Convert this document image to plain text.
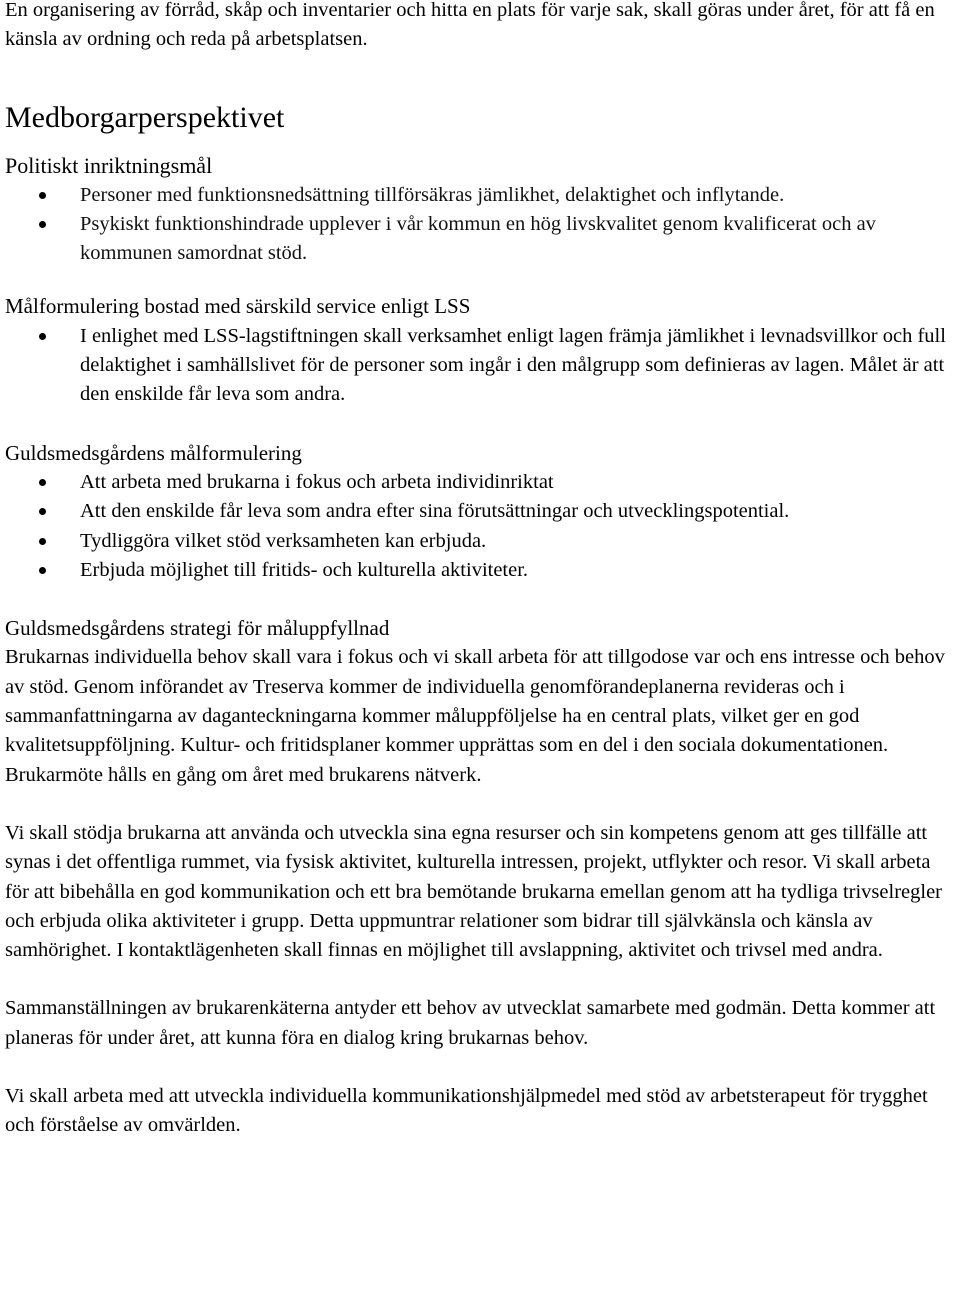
En organisering av förråd, skåp och inventarier och hitta en plats för varje sak, skall göras under året, för att få en känsla av ordning och reda på arbetsplatsen.

Medborgarperspektivet
Politiskt inriktningsmål
Personer med funktionsnedsättning tillförsäkras jämlikhet, delaktighet och inflytande.
Psykiskt funktionshindrade upplever i vår kommun en hög livskvalitet genom kvalificerat och av kommunen samordnat stöd.
Målformulering bostad med särskild service enligt LSS
I enlighet med LSS-lagstiftningen skall verksamhet enligt lagen främja jämlikhet i levnadsvillkor och full delaktighet i samhällslivet för de personer som ingår i den målgrupp som definieras av lagen. Målet är att den enskilde får leva som andra.
Guldsmedsgårdens målformulering
Att arbeta med brukarna i fokus och arbeta individinriktat
Att den enskilde får leva som andra efter sina förutsättningar och utvecklingspotential.
Tydliggöra vilket stöd verksamheten kan erbjuda.
Erbjuda möjlighet till fritids- och kulturella aktiviteter.
Guldsmedsgårdens strategi för måluppfyllnad

Brukarnas individuella behov skall vara i fokus och vi skall arbeta för att tillgodose var och ens intresse och behov av stöd. Genom införandet av Treserva kommer de individuella genomförandeplanerna revideras och i sammanfattningarna av daganteckningarna kommer måluppföljelse ha en central plats, vilket ger en god kvalitetsuppföljning. Kultur- och fritidsplaner kommer upprättas som en del i den sociala dokumentationen. Brukarmöte hålls en gång om året med brukarens nätverk.

Vi skall stödja brukarna att använda och utveckla sina egna resurser och sin kompetens genom att ges tillfälle att synas i det offentliga rummet, via fysisk aktivitet, kulturella intressen, projekt, utflykter och resor. Vi skall arbeta för att bibehålla en god kommunikation och ett bra bemötande brukarna emellan genom att ha tydliga trivselregler och erbjuda olika aktiviteter i grupp. Detta uppmuntrar relationer som bidrar till självkänsla och känsla av samhörighet. I kontaktlägenheten skall finnas en möjlighet till avslappning, aktivitet och trivsel med andra.

Sammanställningen av brukarenkäterna antyder ett behov av utvecklat samarbete med godmän. Detta kommer att planeras för under året, att kunna föra en dialog kring brukarnas behov.

Vi skall arbeta med att utveckla individuella kommunikationshjälpmedel med stöd av arbetsterapeut för trygghet och förståelse av omvärlden.
